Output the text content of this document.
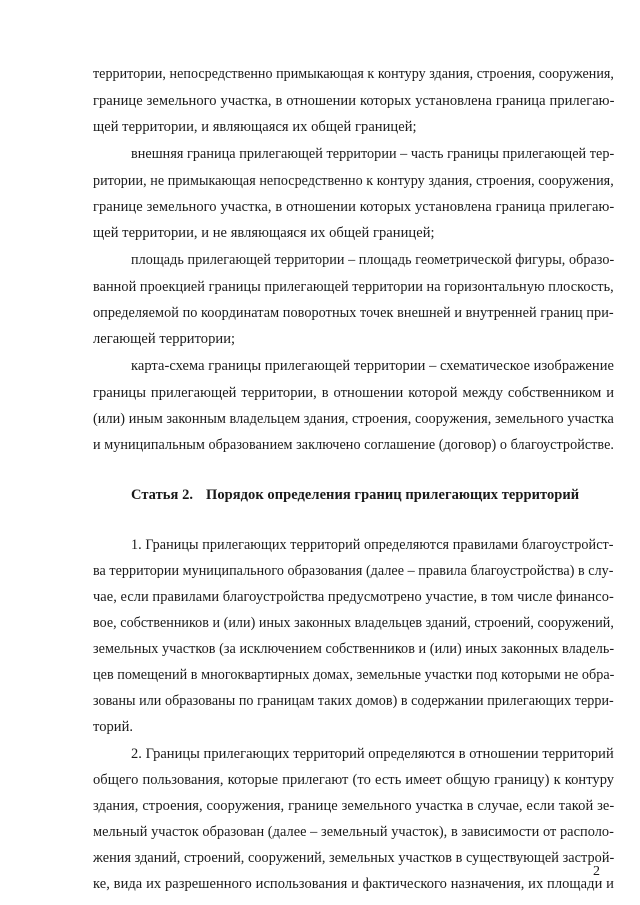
территории, непосредственно примыкающая к контуру здания, строения, сооружения,
границе земельного участка, в отношении которых установлена граница прилегаю-
щей территории, и являющаяся их общей границей;
внешняя граница прилегающей территории – часть границы прилегающей тер-
ритории, не примыкающая непосредственно к контуру здания, строения, сооружения,
границе земельного участка, в отношении которых установлена граница прилегаю-
щей территории, и не являющаяся их общей границей;
площадь прилегающей территории – площадь геометрической фигуры, образо-
ванной проекцией границы прилегающей территории на горизонтальную плоскость,
определяемой по координатам поворотных точек внешней и внутренней границ при-
легающей территории;
карта-схема границы прилегающей территории – схематическое изображение
границы прилегающей территории, в отношении которой между собственником и
(или) иным законным владельцем здания, строения, сооружения, земельного участка
и муниципальным образованием заключено соглашение (договор) о благоустройстве.
Статья 2. Порядок определения границ прилегающих территорий
1. Границы прилегающих территорий определяются правилами благоустройст-
ва территории муниципального образования (далее – правила благоустройства) в слу-
чае, если правилами благоустройства предусмотрено участие, в том числе финансо-
вое, собственников и (или) иных законных владельцев зданий, строений, сооружений,
земельных участков (за исключением собственников и (или) иных законных владель-
цев помещений в многоквартирных домах, земельные участки под которыми не обра-
зованы или образованы по границам таких домов) в содержании прилегающих терри-
торий.
2. Границы прилегающих территорий определяются в отношении территорий
общего пользования, которые прилегают (то есть имеет общую границу) к контуру
здания, строения, сооружения, границе земельного участка в случае, если такой зе-
мельный участок образован (далее – земельный участок), в зависимости от располо-
жения зданий, строений, сооружений, земельных участков в существующей застрой-
ке, вида их разрешенного использования и фактического назначения, их площади и
2
